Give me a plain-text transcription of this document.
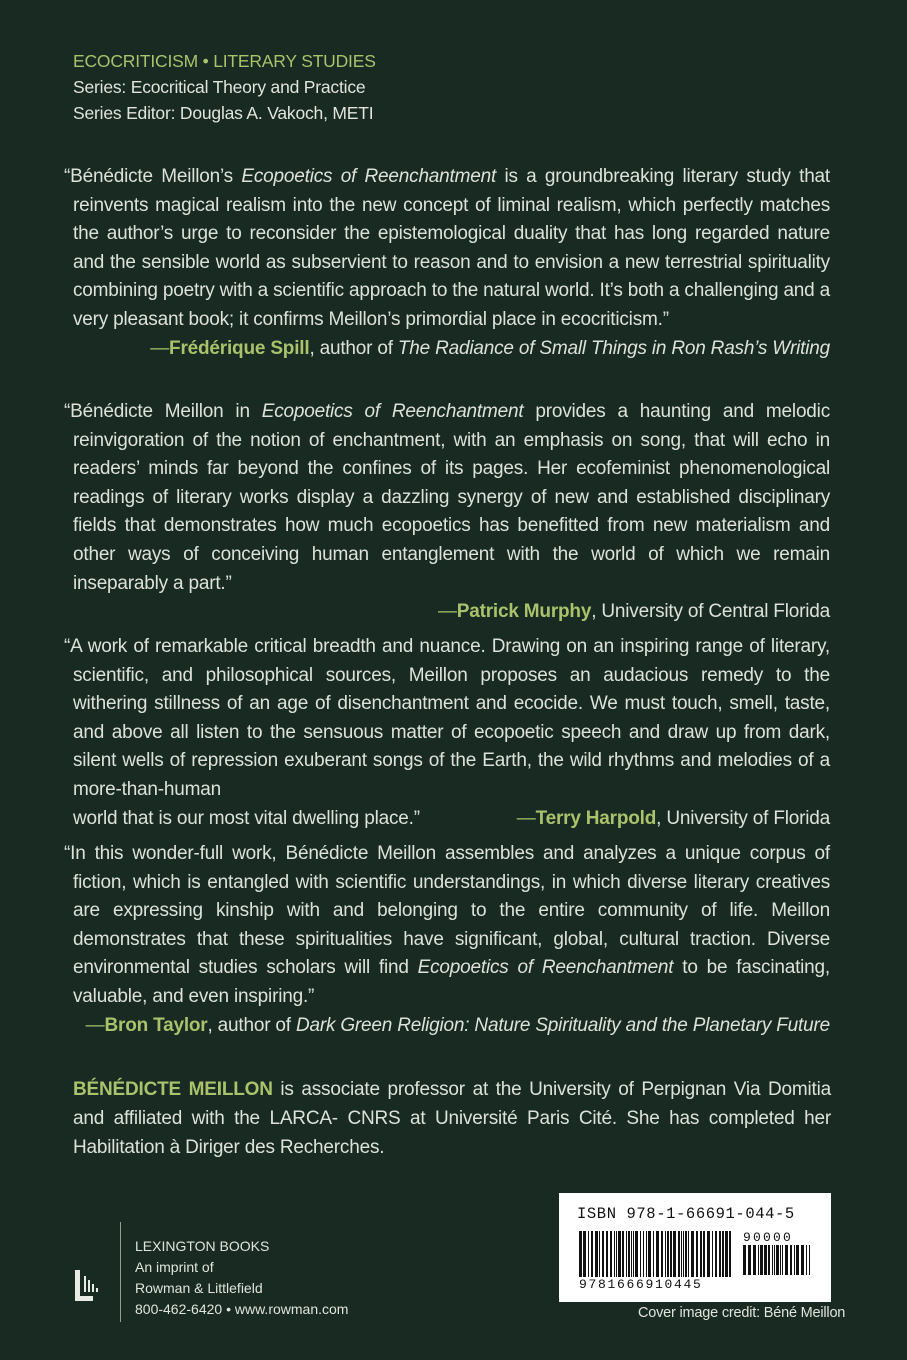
ECOCRITICISM • LITERARY STUDIES
Series: Ecocritical Theory and Practice
Series Editor: Douglas A. Vakoch, METI

“Bénédicte Meillon’s Ecopoetics of Reenchantment is a groundbreaking literary study that reinvents magical realism into the new concept of liminal realism, which perfectly matches the author’s urge to reconsider the epistemological duality that has long regarded nature and the sensible world as subservient to reason and to envision a new terrestrial spirituality combining poetry with a scientific approach to the natural world. It’s both a challenging and a very pleasant book; it confirms Meillon’s primordial place in ecocriticism.”

—Frédérique Spill, author of The Radiance of Small Things in Ron Rash’s Writing

“Bénédicte Meillon in Ecopoetics of Reenchantment provides a haunting and melodic reinvigoration of the notion of enchantment, with an emphasis on song, that will echo in readers’ minds far beyond the confines of its pages. Her ecofeminist phenomenological readings of literary works display a dazzling synergy of new and established disciplinary fields that demonstrates how much ecopoetics has benefitted from new materialism and other ways of conceiving human entanglement with the world of which we remain inseparably a part.”

—Patrick Murphy, University of Central Florida

“A work of remarkable critical breadth and nuance. Drawing on an inspiring range of literary, scientific, and philosophical sources, Meillon proposes an audacious remedy to the withering stillness of an age of disenchantment and ecocide. We must touch, smell, taste, and above all listen to the sensuous matter of ecopoetic speech and draw up from dark, silent wells of repression exuberant songs of the Earth, the wild rhythms and melodies of a more-than-human

world that is our most vital dwelling place.”	—Terry Harpold, University of Florida

“In this wonder-full work, Bénédicte Meillon assembles and analyzes a unique corpus of fiction, which is entangled with scientific understandings, in which diverse literary creatives are expressing kinship with and belonging to the entire community of life. Meillon demonstrates that these spiritualities have significant, global, cultural traction. Diverse environmental studies scholars will find Ecopoetics of Reenchantment to be fascinating, valuable, and even inspiring.”

—Bron Taylor, author of Dark Green Religion: Nature Spirituality and the Planetary Future
BÉNÉDICTE MEILLON is associate professor at the University of Perpignan Via Domitia and affiliated with the LARCA- CNRS at Université Paris Cité. She has completed her Habilitation à Diriger des Recherches.
LEXINGTON BOOKS
An imprint of
Rowman & Littlefield
800-462-6420 • www.rowman.com
ISBN 978-1-66691-044-5
9781666910445
90000
Cover image credit: Béné Meillon
